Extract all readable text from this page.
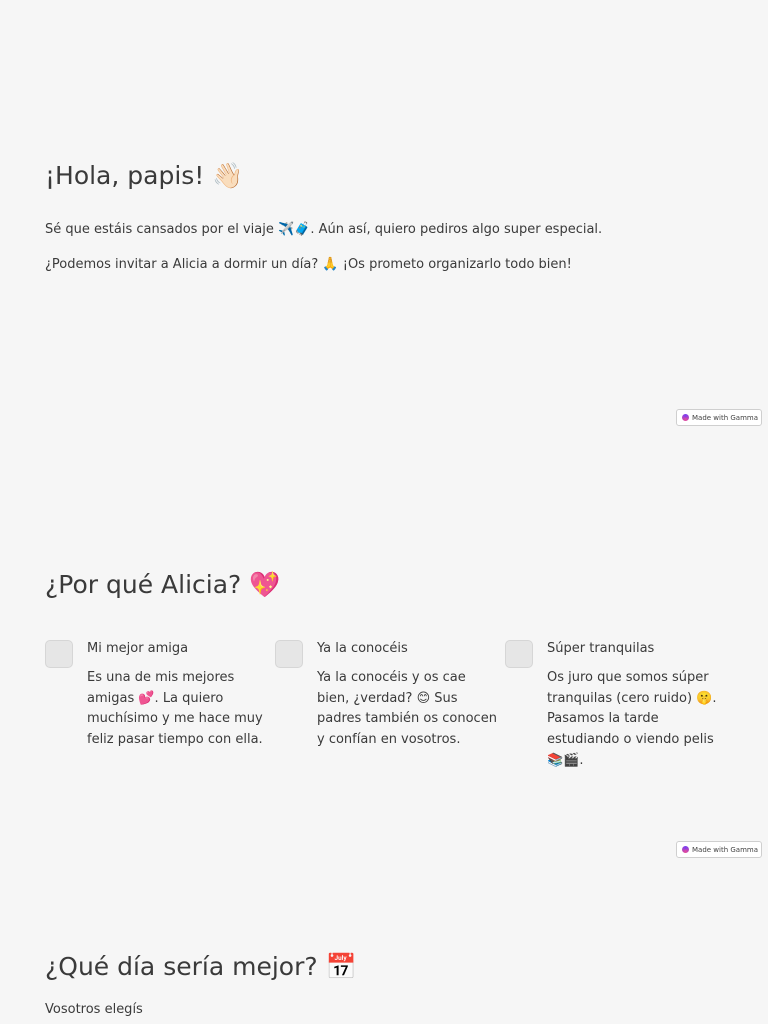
¡Hola, papis! 👋🏻

Sé que estáis cansados por el viaje ✈️🧳. Aún así, quiero pediros algo super especial.

¿Podemos invitar a Alicia a dormir un día? 🙏 ¡Os prometo organizarlo todo bien!

Made with Gamma
¿Por qué Alicia? 💖
Mi mejor amiga
Es una de mis mejores amigas 💕. La quiero muchísimo y me hace muy feliz pasar tiempo con ella.
Ya la conocéis
Ya la conocéis y os cae bien, ¿verdad? 😊 Sus padres también os conocen y confían en vosotros.
Súper tranquilas
Os juro que somos súper tranquilas (cero ruido) 🤫. Pasamos la tarde estudiando o viendo pelis 📚🎬.
Made with Gamma
¿Qué día sería mejor? 📅

Vosotros elegís
